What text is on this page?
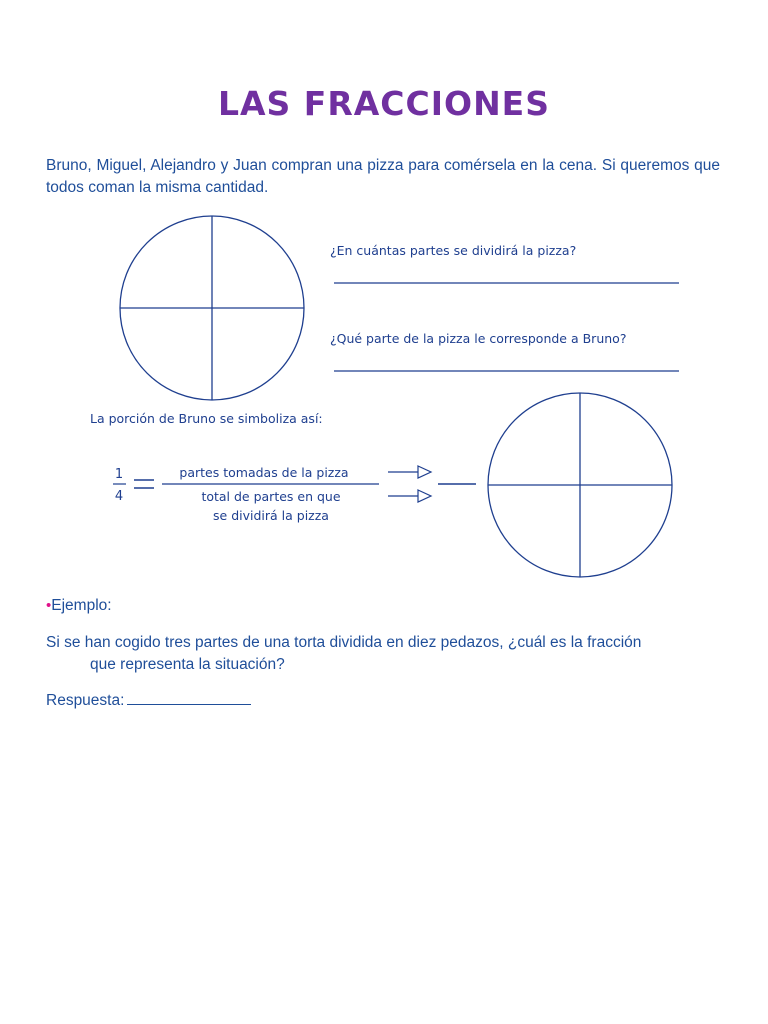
LAS FRACCIONES

Bruno, Miguel, Alejandro y Juan compran una pizza para comérsela en la cena. Si queremos que todos coman la misma cantidad.

¿En cuántas partes se dividirá la pizza?
¿Qué parte de la pizza le corresponde a Bruno?
La porción de Bruno se simboliza así:
1
4
partes tomadas de la pizza
total de partes en que
se dividirá la pizza
•Ejemplo:

Si se han cogido tres partes de una torta dividida en diez pedazos, ¿cuál es la fracción
que representa la situación?

Respuesta:
